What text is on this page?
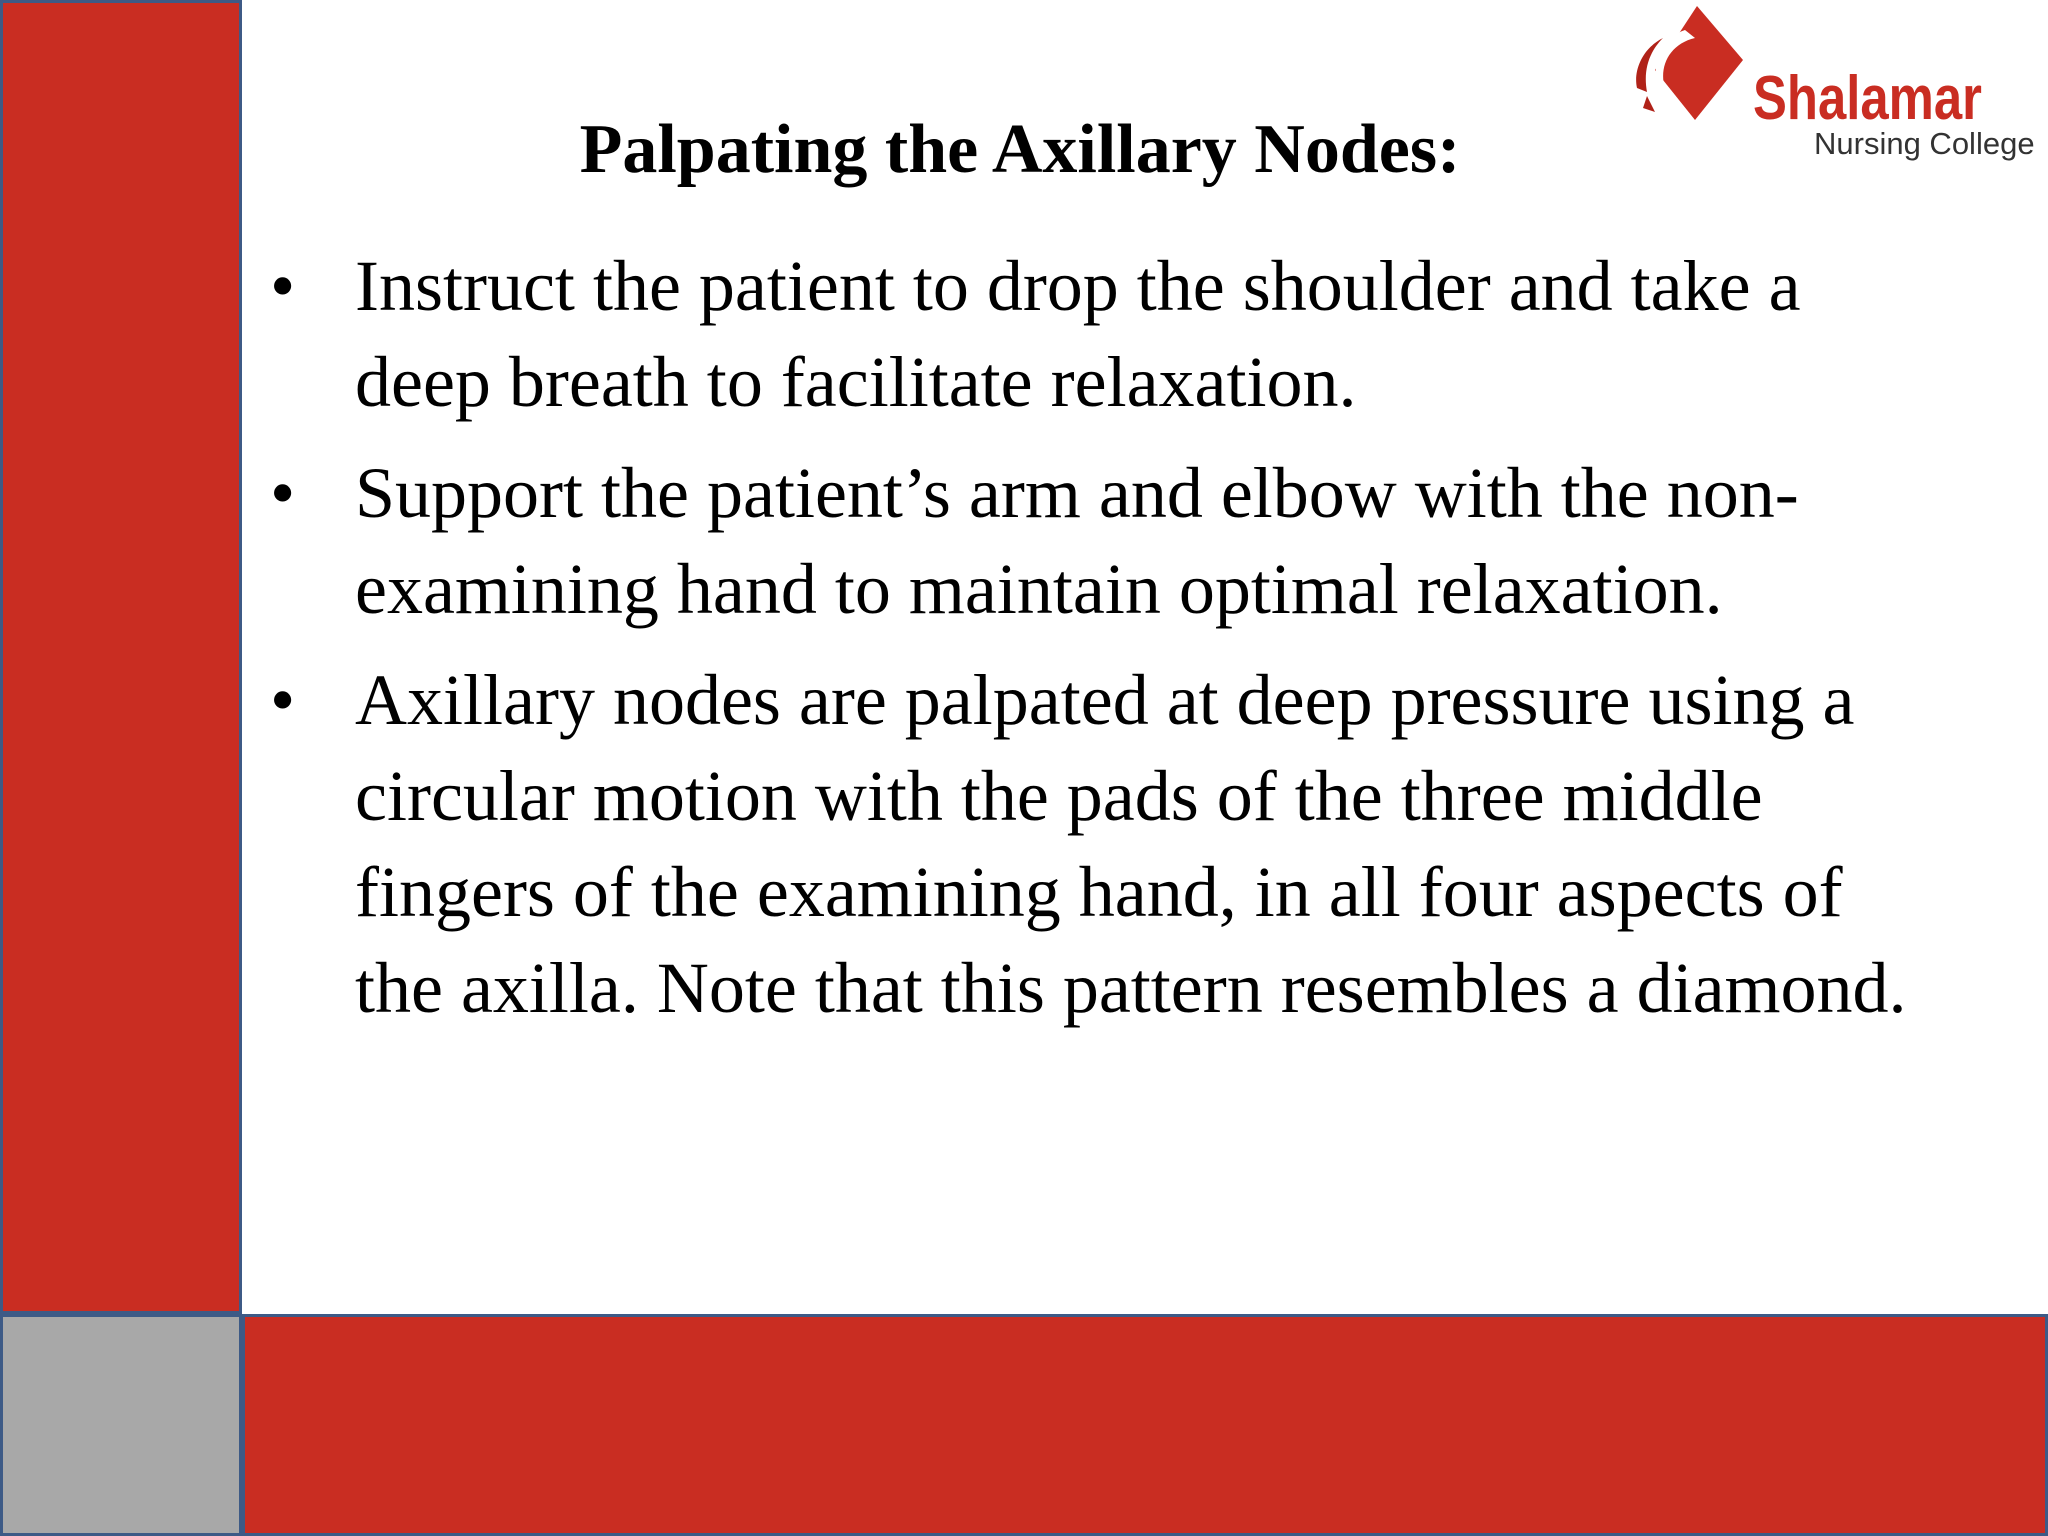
Shalamar
Nursing College
Palpating the Axillary Nodes:
• Instruct the patient to drop the shoulder and take a deep breath to facilitate relaxation.
• Support the patient’s arm and elbow with the non-examining hand to maintain optimal relaxation.
• Axillary nodes are palpated at deep pressure using a circular motion with the pads of the three middle fingers of the examining hand, in all four aspects of the axilla. Note that this pattern resembles a diamond.
